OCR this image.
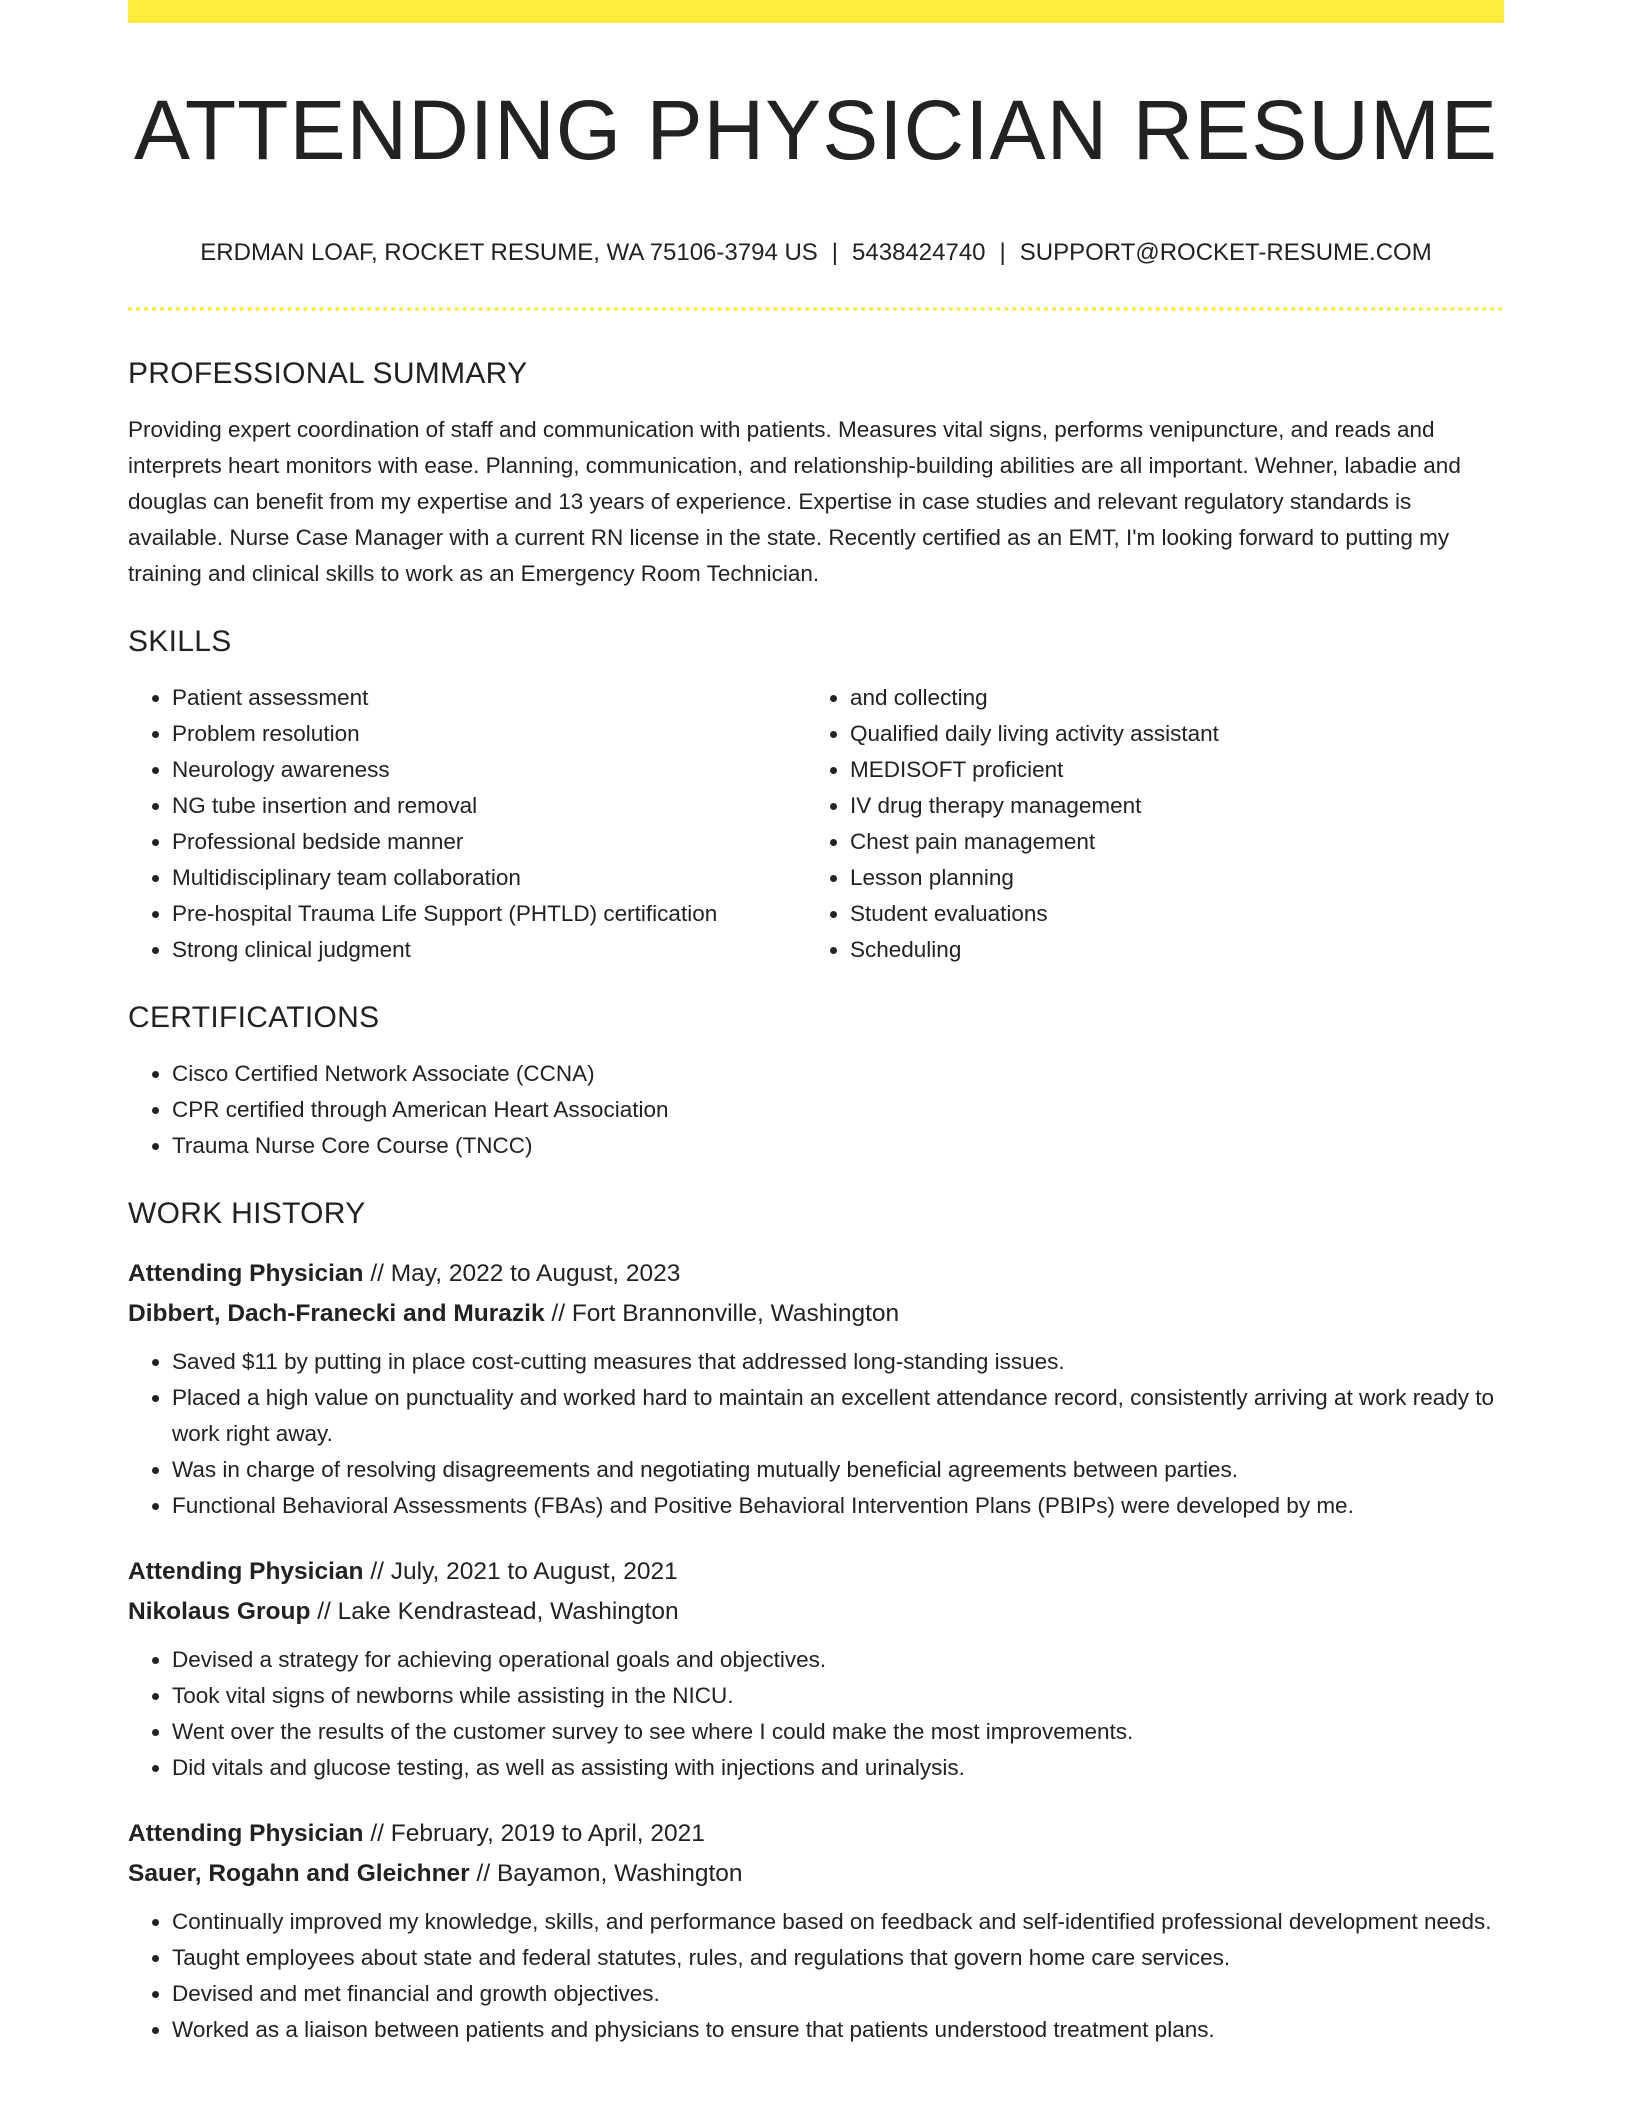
ATTENDING PHYSICIAN RESUME
ERDMAN LOAF, ROCKET RESUME, WA 75106-3794 US | 5438424740 | SUPPORT@ROCKET-RESUME.COM
PROFESSIONAL SUMMARY

Providing expert coordination of staff and communication with patients. Measures vital signs, performs venipuncture, and reads and interprets heart monitors with ease. Planning, communication, and relationship-building abilities are all important. Wehner, labadie and douglas can benefit from my expertise and 13 years of experience. Expertise in case studies and relevant regulatory standards is available. Nurse Case Manager with a current RN license in the state. Recently certified as an EMT, I'm looking forward to putting my training and clinical skills to work as an Emergency Room Technician.

SKILLS
• Patient assessment
• Problem resolution
• Neurology awareness
• NG tube insertion and removal
• Professional bedside manner
• Multidisciplinary team collaboration
• Pre-hospital Trauma Life Support (PHTLD) certification
• Strong clinical judgment
• and collecting
• Qualified daily living activity assistant
• MEDISOFT proficient
• IV drug therapy management
• Chest pain management
• Lesson planning
• Student evaluations
• Scheduling
CERTIFICATIONS
• Cisco Certified Network Associate (CCNA)
• CPR certified through American Heart Association
• Trauma Nurse Core Course (TNCC)
WORK HISTORY
Attending Physician // May, 2022 to August, 2023
Dibbert, Dach-Franecki and Murazik // Fort Brannonville, Washington
• Saved $11 by putting in place cost-cutting measures that addressed long-standing issues.
• Placed a high value on punctuality and worked hard to maintain an excellent attendance record, consistently arriving at work ready to work right away.
• Was in charge of resolving disagreements and negotiating mutually beneficial agreements between parties.
• Functional Behavioral Assessments (FBAs) and Positive Behavioral Intervention Plans (PBIPs) were developed by me.
Attending Physician // July, 2021 to August, 2021
Nikolaus Group // Lake Kendrastead, Washington
• Devised a strategy for achieving operational goals and objectives.
• Took vital signs of newborns while assisting in the NICU.
• Went over the results of the customer survey to see where I could make the most improvements.
• Did vitals and glucose testing, as well as assisting with injections and urinalysis.
Attending Physician // February, 2019 to April, 2021
Sauer, Rogahn and Gleichner // Bayamon, Washington
• Continually improved my knowledge, skills, and performance based on feedback and self-identified professional development needs.
• Taught employees about state and federal statutes, rules, and regulations that govern home care services.
• Devised and met financial and growth objectives.
• Worked as a liaison between patients and physicians to ensure that patients understood treatment plans.
